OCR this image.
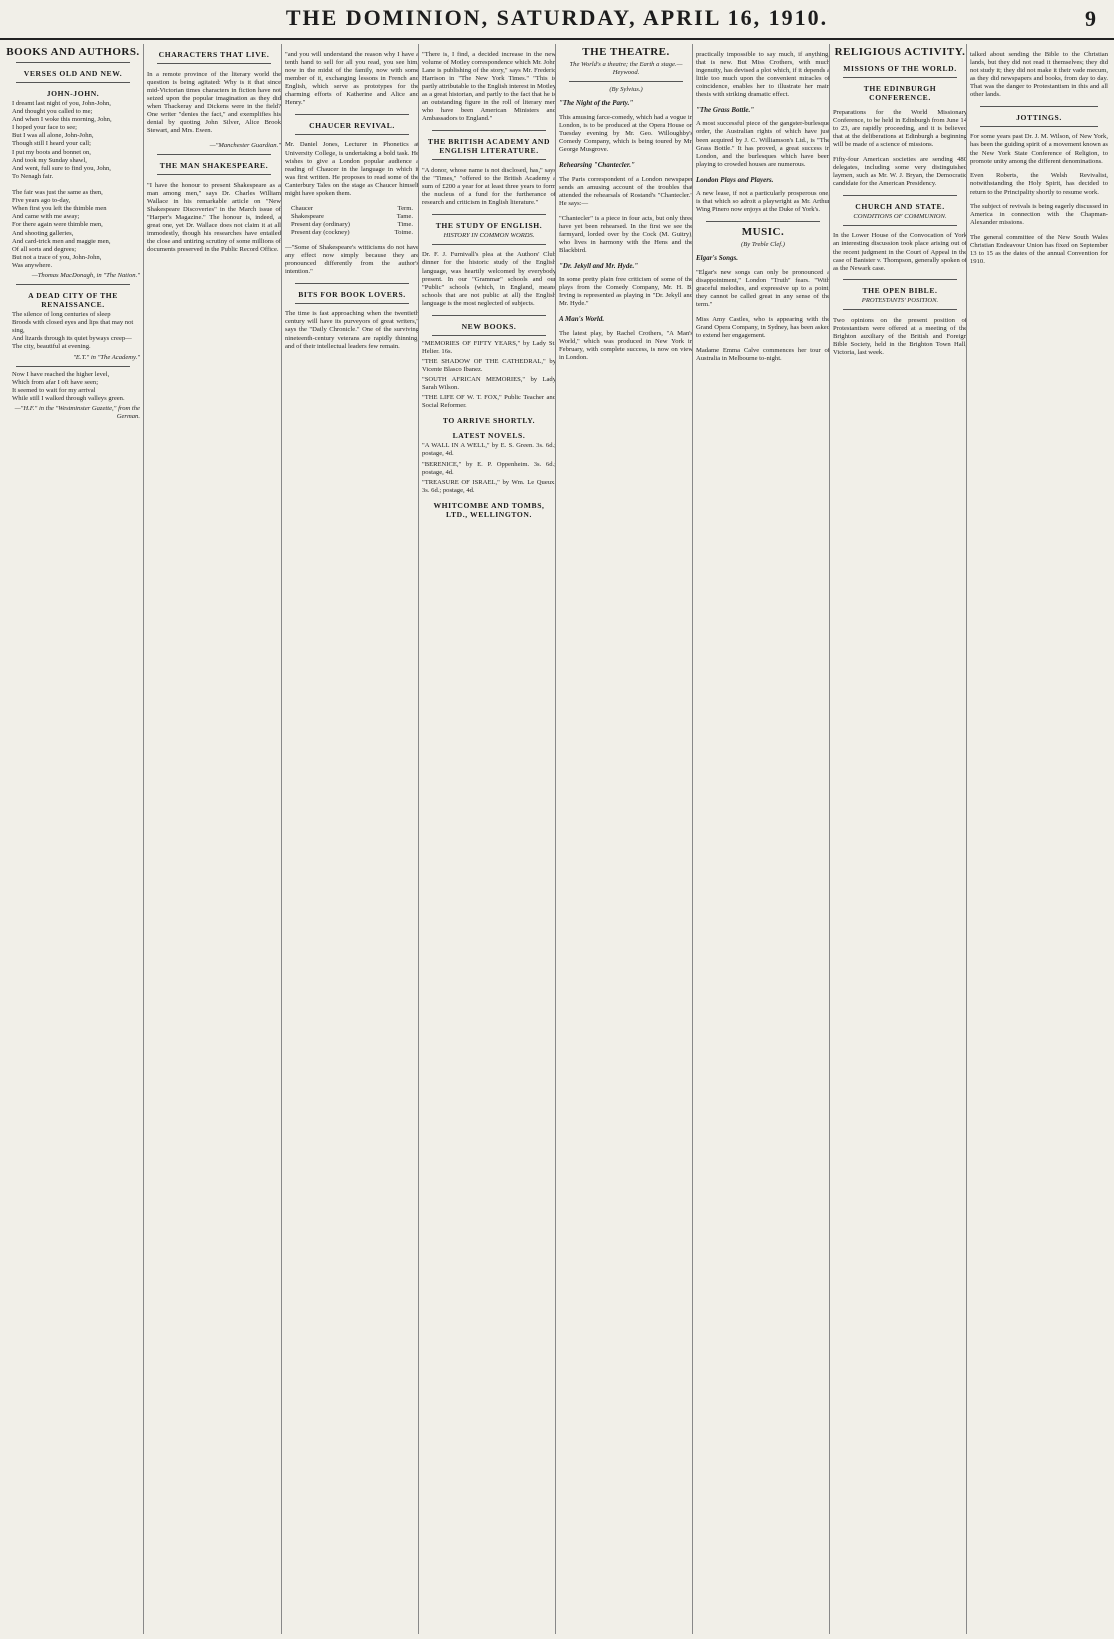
THE DOMINION, SATURDAY, APRIL 16, 1910.	9
BOOKS AND AUTHORS.
VERSES OLD AND NEW.
JOHN-JOHN.
I dreamt last night of you, John-John,
And thought you called to me;
And when I woke this morning, John,
I hoped your face to see;
But I was all alone, John-John,
Though still I heard your call;
I put my boots and bonnet on,
And took my Sunday shawl,
And went, full sure to find you, John,
To Nenagh fair.

The fair was just the same as then,
Five years ago to-day,
When first you left the thimble men
And came with me away;
For there again were thimble men,
And shooting galleries,
And card-trick men and maggie men,
Of all sorts and degrees;
But not a trace of you, John-John,
Was anywhere.
—Thomas MacDonagh, in "The Nation."
A DEAD CITY OF THE RENAISSANCE.
The silence of long centuries of sleep
Broods with closed eyes and lips that may not sing,
And lizards through its quiet byways creep—
The city, beautiful at evening.
"E.T." in "The Academy."
Now I have reached the higher level,
Which from afar I oft have seen;
It seemed to wait for my arrival
While still I walked through valleys green.
—"H.F." in the "Westminster Gazette," from the German.
CHARACTERS THAT LIVE.

In a remote province of the literary world the question is being agitated: Why is it that since mid-Victorian times characters in fiction have not seized upon the popular imagination as they did when Thackeray and Dickens were in the field? One writer "denies the fact," and exemplifies his denial by quoting John Silver, Alice Brook Stewart, and Mrs. Ewen.

—"Manchester Guardian."
THE MAN SHAKESPEARE.

"I have the honour to present Shakespeare as a man among men," says Dr. Charles William Wallace in his remarkable article on "New Shakespeare Discoveries" in the March issue of "Harper's Magazine." The honour is, indeed, a great one, yet Dr. Wallace does not claim it at all immodestly, though his researches have entailed the close and untiring scrutiny of some millions of documents preserved in the Public Record Office.

"and you will understand the reason why I have a tenth hand to sell for all you read, you see him, now in the midst of the family, now with some member of it, exchanging lessons in French and English, which serve as prototypes for the charming efforts of Katherine and Alice and Henry."

CHAUCER REVIVAL.

Mr. Daniel Jones, Lecturer in Phonetics at University College, is undertaking a bold task. He wishes to give a London popular audience a reading of Chaucer in the language in which it was first written. He proposes to read some of the Canterbury Tales on the stage as Chaucer himself might have spoken them.

Chaucer	Term.
Shakespeare	Tame.
Present day (ordinary)	Time.
Present day (cockney)	Toime.

—"Some of Shakespeare's witticisms do not have any effect now simply because they are pronounced differently from the author's intention."

BITS FOR BOOK LOVERS.

The time is fast approaching when the twentieth century will have its purveyors of great writers," says the "Daily Chronicle." One of the surviving nineteenth-century veterans are rapidly thinning, and of their intellectual leaders few remain.

"There is, I find, a decided increase in the new volume of Motley correspondence which Mr. John Lane is publishing of the story," says Mr. Frederic Harrison in "The New York Times." "This is partly attributable to the English interest in Motley as a great historian, and partly to the fact that he is an outstanding figure in the roll of literary men who have been American Ministers and Ambassadors to England."

THE BRITISH ACADEMY AND ENGLISH LITERATURE.

"A donor, whose name is not disclosed, has," says the "Times," "offered to the British Academy a sum of £200 a year for at least three years to form the nucleus of a fund for the furtherance of research and criticism in English literature."

THE STUDY OF ENGLISH.
HISTORY IN COMMON WORDS.

Dr. F. J. Furnivall's plea at the Authors' Club dinner for the historic study of the English language, was heartily welcomed by everybody present. In our "Grammar" schools and our "Public" schools (which, in England, means schools that are not public at all) the English language is the most neglected of subjects.

NEW BOOKS.
"MEMORIES OF FIFTY YEARS," by Lady St. Helier. 16s.
"THE SHADOW OF THE CATHEDRAL," by Vicente Blasco Ibanez.
"SOUTH AFRICAN MEMORIES," by Lady Sarah Wilson.
"THE LIFE OF W. T. FOX," Public Teacher and Social Reformer.
TO ARRIVE SHORTLY.
LATEST NOVELS.
"A WALL IN A WELL," by E. S. Green. 3s. 6d.; postage, 4d.
"BERENICE," by E. P. Oppenheim. 3s. 6d.; postage, 4d.
"TREASURE OF ISRAEL," by Wm. Le Queux. 3s. 6d.; postage, 4d.
WHITCOMBE AND TOMBS, LTD., WELLINGTON.
THE THEATRE.
The World's a theatre; the Earth a stage.—Heywood.
(By Sylvius.)
"The Night of the Party."

This amusing farce-comedy, which had a vogue in London, is to be produced at the Opera House on Tuesday evening by Mr. Geo. Willoughby's Comedy Company, which is being toured by Mr. George Musgrove.

Rehearsing "Chantecler."

The Paris correspondent of a London newspaper sends an amusing account of the troubles that attended the rehearsals of Rostand's "Chantecler." He says:—

"Chantecler" is a piece in four acts, but only three have yet been rehearsed. In the first we see the farmyard, lorded over by the Cock (M. Guitry), who lives in harmony with the Hens and the Blackbird.

"Dr. Jekyll and Mr. Hyde."

In some pretty plain free criticism of some of the plays from the Comedy Company, Mr. H. B. Irving is represented as playing in "Dr. Jekyll and Mr. Hyde."

A Man's World.

The latest play, by Rachel Crothers, "A Man's World," which was produced in New York in February, with complete success, is now on view in London.

practically impossible to say much, if anything, that is new. But Miss Crothers, with much ingenuity, has devised a plot which, if it depends a little too much upon the convenient miracles of coincidence, enables her to illustrate her main thesis with striking dramatic effect.

"The Grass Bottle."

A most successful piece of the gangster-burlesque order, the Australian rights of which have just been acquired by J. C. Williamson's Ltd., is "The Grass Bottle." It has proved, a great success in London, and the burlesques which have been playing to crowded houses are numerous.

London Plays and Players.

A new lease, if not a particularly prosperous one, is that which so adroit a playwright as Mr. Arthur Wing Pinero now enjoys at the Duke of York's.

MUSIC.
(By Treble Clef.)
Elgar's Songs.

"Elgar's new songs can only be pronounced a disappointment," London "Truth" fears. "With graceful melodies, and expressive up to a point, they cannot be called great in any sense of the term."

Miss Amy Castles, who is appearing with the Grand Opera Company, in Sydney, has been asked to extend her engagement.

Madame Emma Calve commences her tour of Australia in Melbourne to-night.

RELIGIOUS ACTIVITY.
MISSIONS OF THE WORLD.
THE EDINBURGH CONFERENCE.

Preparations for the World Missionary Conference, to be held in Edinburgh from June 14 to 23, are rapidly proceeding, and it is believed that at the deliberations at Edinburgh a beginning will be made of a science of missions.

Fifty-four American societies are sending 480 delegates, including some very distinguished laymen, such as Mr. W. J. Bryan, the Democratic candidate for the American Presidency.

CHURCH AND STATE.
CONDITIONS OF COMMUNION.

In the Lower House of the Convocation of York an interesting discussion took place arising out of the recent judgment in the Court of Appeal in the case of Banister v. Thompson, generally spoken of as the Newark case.

THE OPEN BIBLE.
PROTESTANTS' POSITION.

Two opinions on the present position of Protestantism were offered at a meeting of the Brighton auxiliary of the British and Foreign Bible Society, held in the Brighton Town Hall, Victoria, last week.

talked about sending the Bible to the Christian lands, but they did not read it themselves; they did not study it; they did not make it their vade mecum, as they did newspapers and books, from day to day. That was the danger to Protestantism in this and all other lands.

JOTTINGS.

For some years past Dr. J. M. Wilson, of New York, has been the guiding spirit of a movement known as the New York State Conference of Religion, to promote unity among the different denominations.

Even Roberts, the Welsh Revivalist, notwithstanding the Holy Spirit, has decided to return to the Principality shortly to resume work.

The subject of revivals is being eagerly discussed in America in connection with the Chapman-Alexander missions.

The general committee of the New South Wales Christian Endeavour Union has fixed on September 13 to 15 as the dates of the annual Convention for 1910.
